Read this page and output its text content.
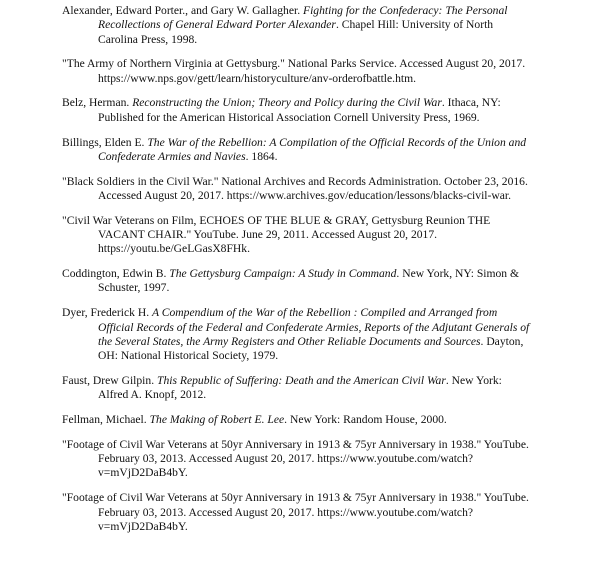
Alexander, Edward Porter., and Gary W. Gallagher. Fighting for the Confederacy: The Personal Recollections of General Edward Porter Alexander. Chapel Hill: University of North Carolina Press, 1998.
"The Army of Northern Virginia at Gettysburg." National Parks Service. Accessed August 20, 2017. https://www.nps.gov/gett/learn/historyculture/anv-orderofbattle.htm.
Belz, Herman. Reconstructing the Union; Theory and Policy during the Civil War. Ithaca, NY: Published for the American Historical Association Cornell University Press, 1969.
Billings, Elden E. The War of the Rebellion: A Compilation of the Official Records of the Union and Confederate Armies and Navies. 1864.
"Black Soldiers in the Civil War." National Archives and Records Administration. October 23, 2016. Accessed August 20, 2017. https://www.archives.gov/education/lessons/blacks-civil-war.
"Civil War Veterans on Film, ECHOES OF THE BLUE & GRAY, Gettysburg Reunion THE VACANT CHAIR." YouTube. June 29, 2011. Accessed August 20, 2017. https://youtu.be/GeLGasX8FHk.
Coddington, Edwin B. The Gettysburg Campaign: A Study in Command. New York, NY: Simon & Schuster, 1997.
Dyer, Frederick H. A Compendium of the War of the Rebellion : Compiled and Arranged from Official Records of the Federal and Confederate Armies, Reports of the Adjutant Generals of the Several States, the Army Registers and Other Reliable Documents and Sources. Dayton, OH: National Historical Society, 1979.
Faust, Drew Gilpin. This Republic of Suffering: Death and the American Civil War. New York: Alfred A. Knopf, 2012.
Fellman, Michael. The Making of Robert E. Lee. New York: Random House, 2000.
"Footage of Civil War Veterans at 50yr Anniversary in 1913 & 75yr Anniversary in 1938." YouTube. February 03, 2013. Accessed August 20, 2017. https://www.youtube.com/watch?v=mVjD2DaB4bY.
"Footage of Civil War Veterans at 50yr Anniversary in 1913 & 75yr Anniversary in 1938." YouTube. February 03, 2013. Accessed August 20, 2017. https://www.youtube.com/watch?v=mVjD2DaB4bY.
